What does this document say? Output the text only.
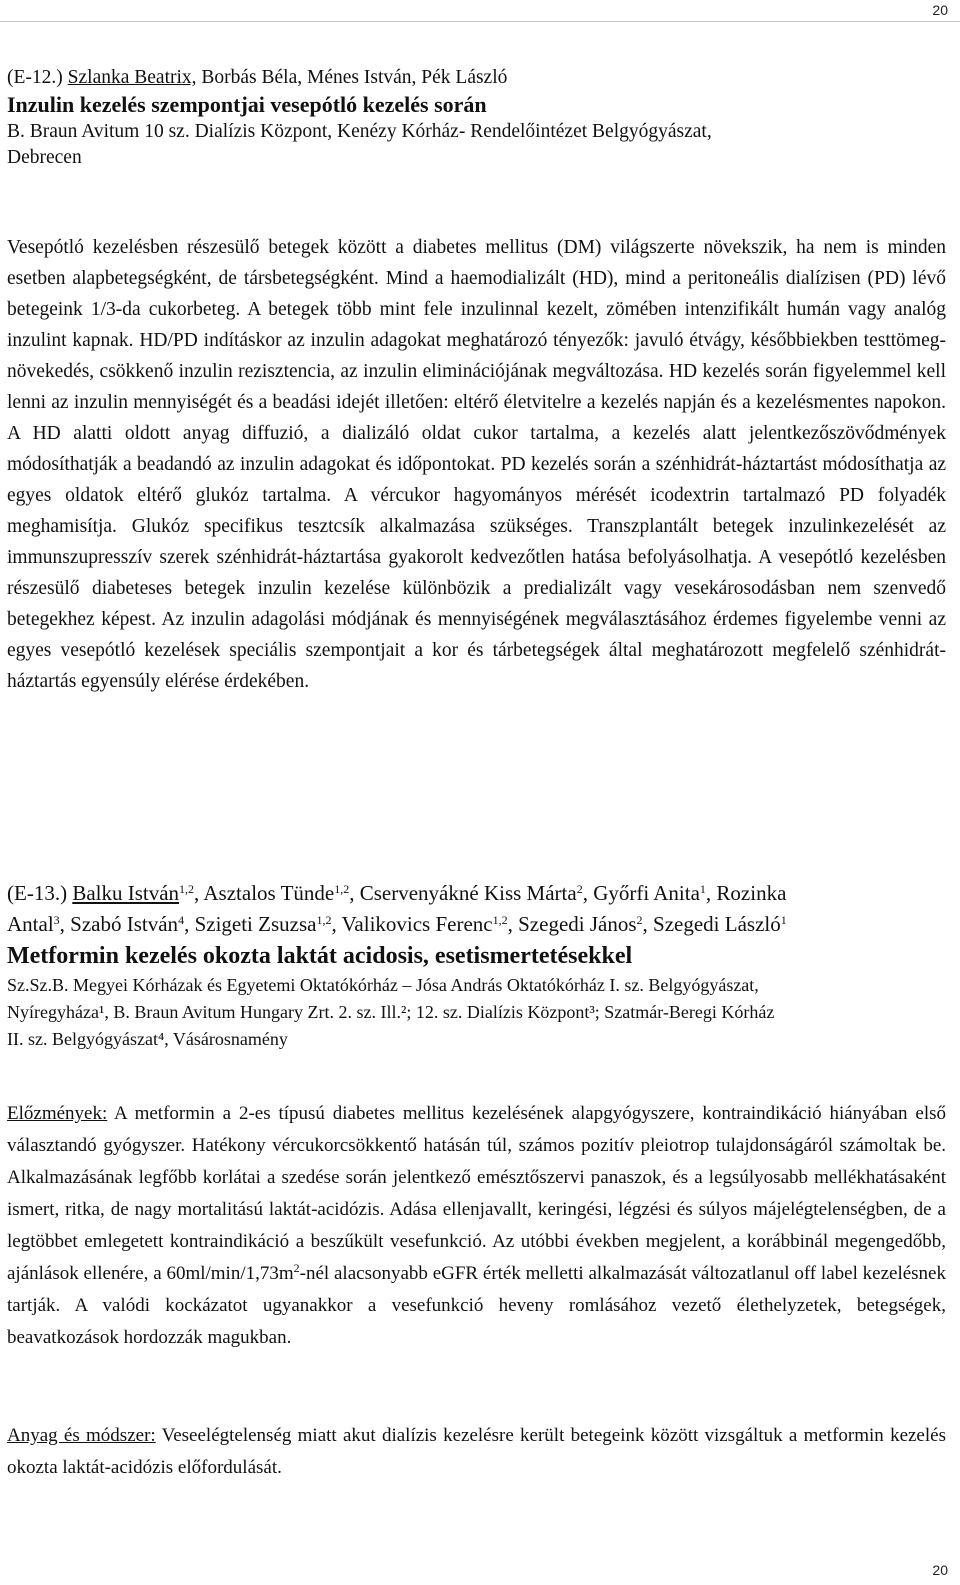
20
(E-12.) Szlanka Beatrix, Borbás Béla, Ménes István, Pék László
Inzulin kezelés szempontjai vesepótló kezelés során
B. Braun Avitum 10 sz. Dialízis Központ, Kenézy Kórház- Rendelőintézet Belgyógyászat,
Debrecen
Vesepótló kezelésben részesülő betegek között a diabetes mellitus (DM) világszerte növekszik, ha nem is minden esetben alapbetegségként, de társbetegségként. Mind a haemodializált (HD), mind a peritoneális dialízisen (PD) lévő betegeink 1/3-da cukorbeteg. A betegek több mint fele inzulinnal kezelt, zömében intenzifikált humán vagy analóg inzulint kapnak. HD/PD indításkor az inzulin adagokat meghatározó tényezők: javuló étvágy, későbbiekben testtömeg-növekedés, csökkenő inzulin rezisztencia, az inzulin eliminációjának megváltozása. HD kezelés során figyelemmel kell lenni az inzulin mennyiségét és a beadási idejét illetően: eltérő életvitelre a kezelés napján és a kezelésmentes napokon. A HD alatti oldott anyag diffuzió, a dializáló oldat cukor tartalma, a kezelés alatt jelentkezőszövődmények módosíthatják a beadandó az inzulin adagokat és időpontokat. PD kezelés során a szénhidrát-háztartást módosíthatja az egyes oldatok eltérő glukóz tartalma. A vércukor hagyományos mérését icodextrin tartalmazó PD folyadék meghamisítja. Glukóz specifikus tesztcsík alkalmazása szükséges. Transzplantált betegek inzulinkezelését az immunszupresszív szerek szénhidrát-háztartása gyakorolt kedvezőtlen hatása befolyásolhatja. A vesepótló kezelésben részesülő diabeteses betegek inzulin kezelése különbözik a predializált vagy vesekárosodásban nem szenvedő betegekhez képest. Az inzulin adagolási módjának és mennyiségének megválasztásához érdemes figyelembe venni az egyes vesepótló kezelések speciális szempontjait a kor és tárbetegségek által meghatározott megfelelő szénhidrát-háztartás egyensúly elérése érdekében.
(E-13.) Balku István$^{1,2}$, Asztalos Tünde$^{1,2}$, Cservenyákné Kiss Márta$^2$, Győrfi Anita$^1$, Rozinka
Antal$^3$, Szabó István$^4$, Szigeti Zsuzsa$^{1,2}$, Valikovics Ferenc$^{1,2}$, Szegedi János$^2$, Szegedi László$^1$
Metformin kezelés okozta laktát acidosis, esetismertetésekkel
Sz.Sz.B. Megyei Kórházak és Egyetemi Oktatókórház – Jósa András Oktatókórház I. sz. Belgyógyászat,
Nyíregyháza¹, B. Braun Avitum Hungary Zrt. 2. sz. Ill.²; 12. sz. Dialízis Központ³; Szatmár-Beregi Kórház
II. sz. Belgyógyászat⁴, Vásárosnamény
Előzmények: A metformin a 2-es típusú diabetes mellitus kezelésének alapgyógyszere, kontraindikáció hiányában első választandó gyógyszer. Hatékony vércukorcsökkentő hatásán túl, számos pozitív pleiotrop tulajdonságáról számoltak be. Alkalmazásának legfőbb korlátai a szedése során jelentkező emésztőszervi panaszok, és a legsúlyosabb mellékhatásaként ismert, ritka, de nagy mortalitású laktát-acidózis. Adása ellenjavallt, keringési, légzési és súlyos májelégtelenségben, de a legtöbbet emlegetett kontraindikáció a beszűkült vesefunkció. Az utóbbi években megjelent, a korábbinál megengedőbb, ajánlások ellenére, a $60ml/\min/1,73m^2$-nél alacsonyabb eGFR érték melletti alkalmazását változatlanul off label kezelésnek tartják. A valódi kockázatot ugyanakkor a vesefunkció heveny romlásához vezető élethelyzetek, betegségek, beavatkozások hordozzák magukban.
Anyag és módszer: Veseelégtelenség miatt akut dialízis kezelésre került betegeink között vizsgáltuk a metformin kezelés okozta laktát-acidózis előfordulását.
20
